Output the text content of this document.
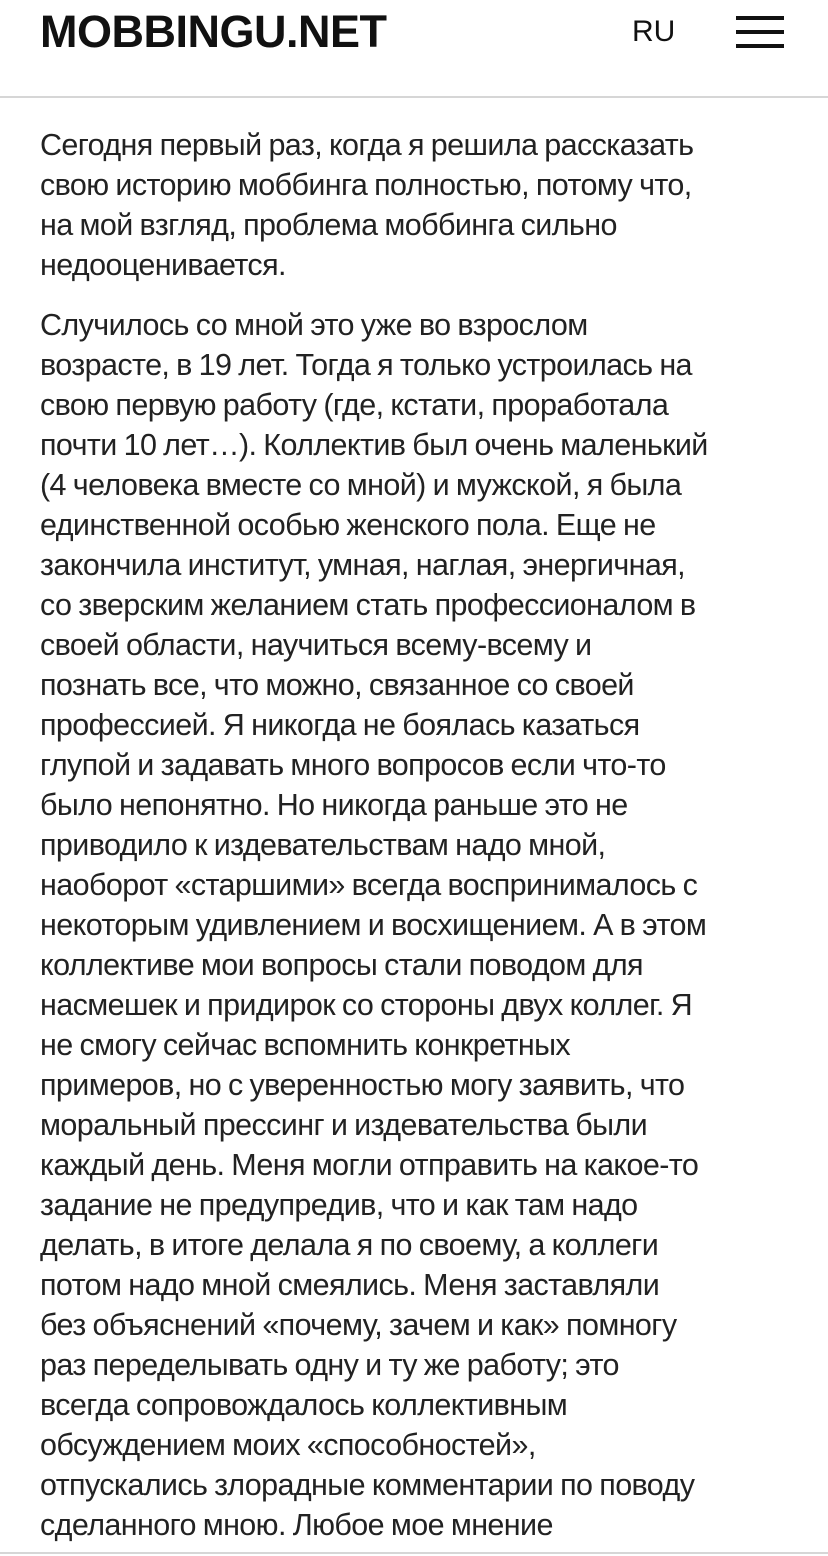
MOBBINGU.NET	RU

Сегодня первый раз, когда я решила рассказать
свою историю моббинга полностью, потому что,
на мой взгляд, проблема моббинга сильно
недооценивается.

Случилось со мной это уже во взрослом
возрасте, в 19 лет. Тогда я только устроилась на
свою первую работу (где, кстати, проработала
почти 10 лет…). Коллектив был очень маленький
(4 человека вместе со мной) и мужской, я была
единственной особью женского пола. Еще не
закончила институт, умная, наглая, энергичная,
со зверским желанием стать профессионалом в
своей области, научиться всему-всему и
познать все, что можно, связанное со своей
профессией. Я никогда не боялась казаться
глупой и задавать много вопросов если что-то
было непонятно. Но никогда раньше это не
приводило к издевательствам надо мной,
наоборот «старшими» всегда воспринималось с
некоторым удивлением и восхищением. А в этом
коллективе мои вопросы стали поводом для
насмешек и придирок со стороны двух коллег. Я
не смогу сейчас вспомнить конкретных
примеров, но с уверенностью могу заявить, что
моральный прессинг и издевательства были
каждый день. Меня могли отправить на какое-то
задание не предупредив, что и как там надо
делать, в итоге делала я по своему, а коллеги
потом надо мной смеялись. Меня заставляли
без объяснений «почему, зачем и как» помногу
раз переделывать одну и ту же работу; это
всегда сопровождалось коллективным
обсуждением моих «способностей»,
отпускались злорадные комментарии по поводу
сделанного мною. Любое мое мнение
